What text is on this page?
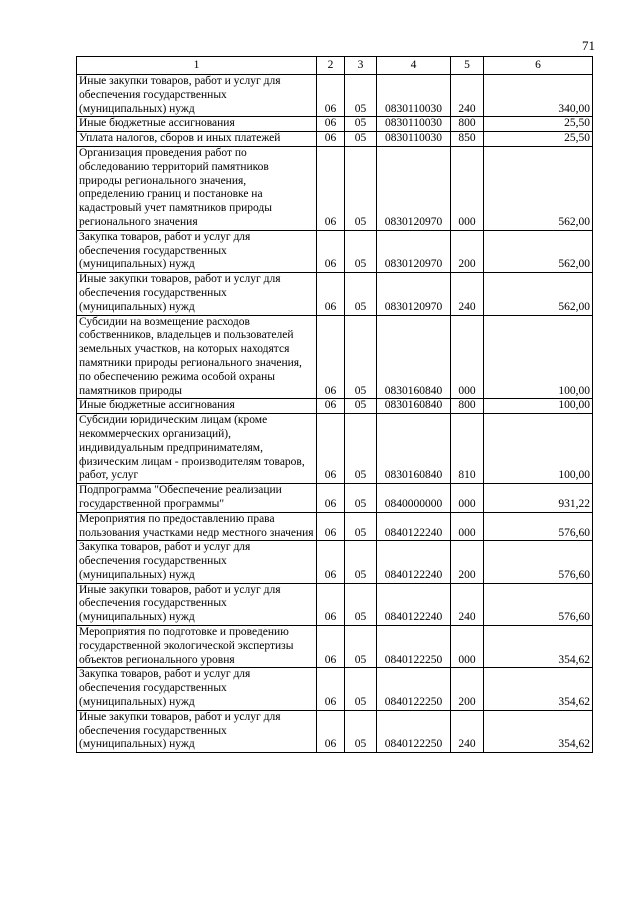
71
1	2	3	4	5	6
Иные закупки товаров, работ и услуг для обеспечения государственных (муниципальных) нужд	06	05	0830110030	240	340,00
Иные бюджетные ассигнования	06	05	0830110030	800	25,50
Уплата налогов, сборов и иных платежей	06	05	0830110030	850	25,50
Организация проведения работ по обследованию территорий памятников природы регионального значения, определению границ и постановке на кадастровый учет памятников природы регионального значения	06	05	0830120970	000	562,00
Закупка товаров, работ и услуг для обеспечения государственных (муниципальных) нужд	06	05	0830120970	200	562,00
Иные закупки товаров, работ и услуг для обеспечения государственных (муниципальных) нужд	06	05	0830120970	240	562,00
Субсидии на возмещение расходов собственников, владельцев и пользователей земельных участков, на которых находятся памятники природы регионального значения, по обеспечению режима особой охраны памятников природы	06	05	0830160840	000	100,00
Иные бюджетные ассигнования	06	05	0830160840	800	100,00
Субсидии юридическим лицам (кроме некоммерческих организаций), индивидуальным предпринимателям, физическим лицам - производителям товаров, работ, услуг	06	05	0830160840	810	100,00
Подпрограмма "Обеспечение реализации государственной программы"	06	05	0840000000	000	931,22
Мероприятия по предоставлению права пользования участками недр местного значения	06	05	0840122240	000	576,60
Закупка товаров, работ и услуг для обеспечения государственных (муниципальных) нужд	06	05	0840122240	200	576,60
Иные закупки товаров, работ и услуг для обеспечения государственных (муниципальных) нужд	06	05	0840122240	240	576,60
Мероприятия по подготовке и проведению государственной экологической экспертизы объектов регионального уровня	06	05	0840122250	000	354,62
Закупка товаров, работ и услуг для обеспечения государственных (муниципальных) нужд	06	05	0840122250	200	354,62
Иные закупки товаров, работ и услуг для обеспечения государственных (муниципальных) нужд	06	05	0840122250	240	354,62
